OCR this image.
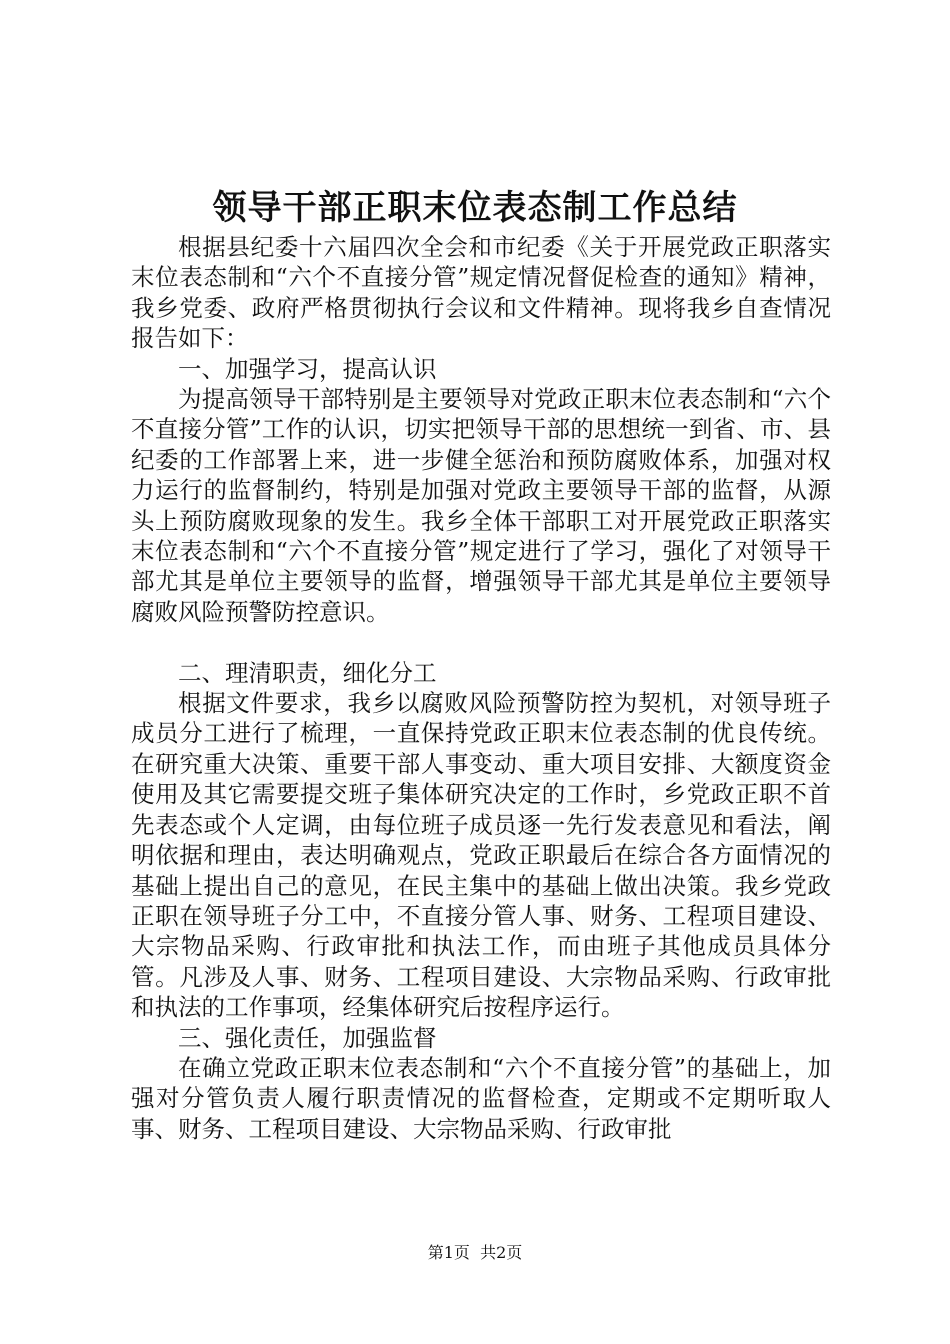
领导干部正职末位表态制工作总结

根据县纪委十六届四次全会和市纪委《关于开展党政正职落实末位表态制和“六个不直接分管”规定情况督促检查的通知》精神，我乡党委、政府严格贯彻执行会议和文件精神。现将我乡自查情况报告如下：

一、加强学习，提高认识

为提高领导干部特别是主要领导对党政正职末位表态制和“六个不直接分管”工作的认识，切实把领导干部的思想统一到省、市、县纪委的工作部署上来，进一步健全惩治和预防腐败体系，加强对权力运行的监督制约，特别是加强对党政主要领导干部的监督，从源头上预防腐败现象的发生。我乡全体干部职工对开展党政正职落实末位表态制和“六个不直接分管”规定进行了学习，强化了对领导干部尤其是单位主要领导的监督，增强领导干部尤其是单位主要领导腐败风险预警防控意识。

二、理清职责，细化分工

根据文件要求，我乡以腐败风险预警防控为契机，对领导班子成员分工进行了梳理，一直保持党政正职末位表态制的优良传统。在研究重大决策、重要干部人事变动、重大项目安排、大额度资金使用及其它需要提交班子集体研究决定的工作时，乡党政正职不首先表态或个人定调，由每位班子成员逐一先行发表意见和看法，阐明依据和理由，表达明确观点，党政正职最后在综合各方面情况的基础上提出自己的意见，在民主集中的基础上做出决策。我乡党政正职在领导班子分工中，不直接分管人事、财务、工程项目建设、大宗物品采购、行政审批和执法工作，而由班子其他成员具体分管。凡涉及人事、财务、工程项目建设、大宗物品采购、行政审批和执法的工作事项，经集体研究后按程序运行。

三、强化责任，加强监督

在确立党政正职末位表态制和“六个不直接分管”的基础上，加强对分管负责人履行职责情况的监督检查，定期或不定期听取人事、财务、工程项目建设、大宗物品采购、行政审批

第1页 共2页
